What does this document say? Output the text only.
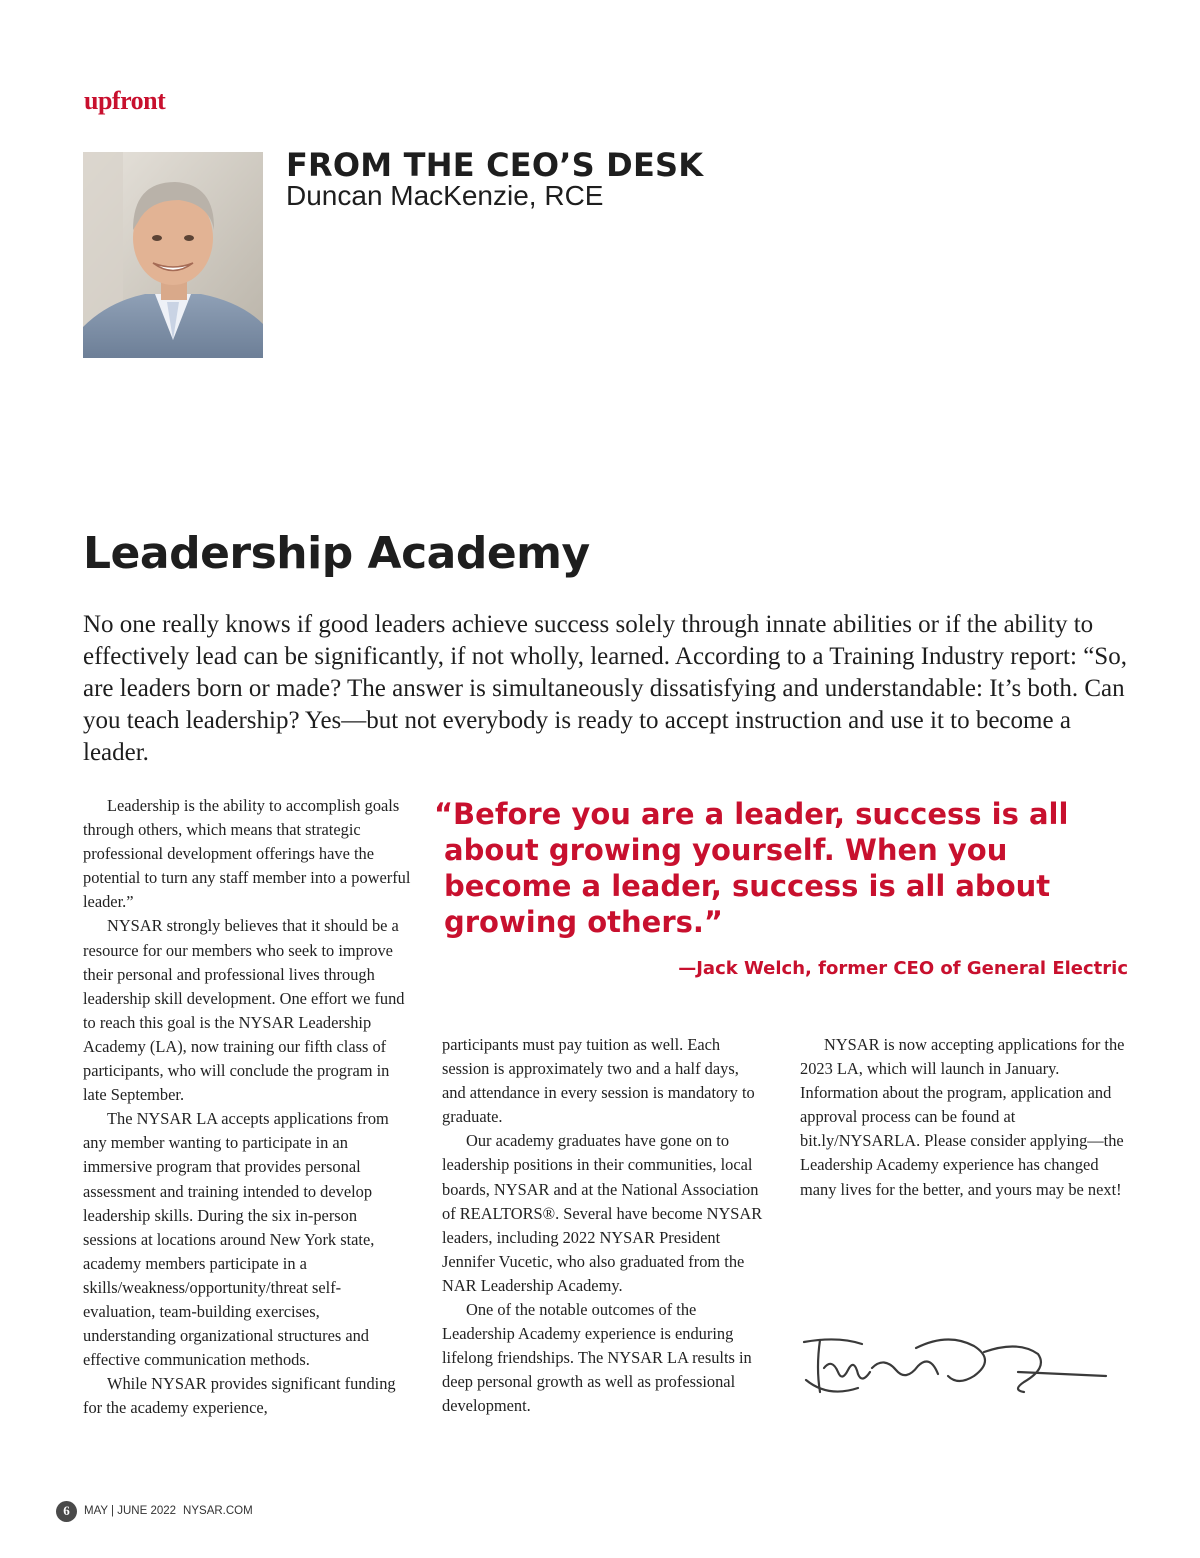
upfront
FROM THE CEO’S DESK
Duncan MacKenzie, RCE
Leadership Academy

No one really knows if good leaders achieve success solely through innate abilities or if the ability to effectively lead can be significantly, if not wholly, learned. According to a Training Industry report: “So, are leaders born or made? The answer is simultaneously dissatisfying and understandable: It’s both. Can you teach leadership? Yes—but not everybody is ready to accept instruction and use it to become a leader.

Leadership is the ability to accomplish goals through others, which means that strategic professional development offerings have the potential to turn any staff member into a powerful leader.”

NYSAR strongly believes that it should be a resource for our members who seek to improve their personal and professional lives through leadership skill development. One effort we fund to reach this goal is the NYSAR Leadership Academy (LA), now training our fifth class of participants, who will conclude the program in late September.

The NYSAR LA accepts applications from any member wanting to participate in an immersive program that provides personal assessment and training intended to develop leadership skills. During the six in-person sessions at locations around New York state, academy members participate in a skills/weakness/opportunity/threat self-evaluation, team-building exercises, understanding organizational structures and effective communication methods.

While NYSAR provides significant funding for the academy experience,

“Before you are a leader, success is all about growing yourself. When you become a leader, success is all about growing others.”

—Jack Welch, former CEO of General Electric

participants must pay tuition as well. Each session is approximately two and a half days, and attendance in every session is mandatory to graduate.

Our academy graduates have gone on to leadership positions in their communities, local boards, NYSAR and at the National Association of REALTORS®. Several have become NYSAR leaders, including 2022 NYSAR President Jennifer Vucetic, who also graduated from the NAR Leadership Academy.

One of the notable outcomes of the Leadership Academy experience is enduring lifelong friendships. The NYSAR LA results in deep personal growth as well as professional development.

NYSAR is now accepting applications for the 2023 LA, which will launch in January. Information about the program, application and approval process can be found at bit.ly/NYSARLA. Please consider applying—the Leadership Academy experience has changed many lives for the better, and yours may be next!

6	MAY | JUNE 2022 NYSAR.COM
